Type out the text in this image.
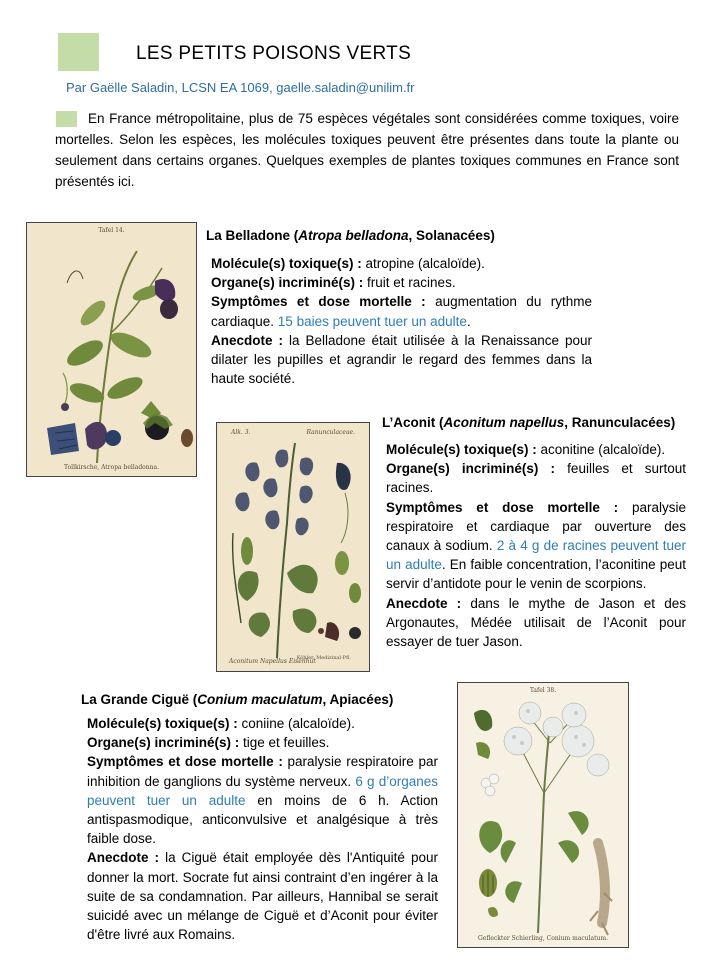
LES PETITS POISONS VERTS
Par Gaëlle Saladin, LCSN EA 1069, gaelle.saladin@unilim.fr
En France métropolitaine, plus de 75 espèces végétales sont considérées comme toxiques, voire mortelles. Selon les espèces, les molécules toxiques peuvent être présentes dans toute la plante ou seulement dans certains organes. Quelques exemples de plantes toxiques communes en France sont présentés ici.
Tafel 14.
Tollkirsche, Atropa belladonna.
La Belladone (Atropa belladona, Solanacées)

Molécule(s) toxique(s) : atropine (alcaloïde).

Organe(s) incriminé(s) : fruit et racines.

Symptômes et dose mortelle : augmentation du rythme cardiaque. 15 baies peuvent tuer un adulte.

Anecdote : la Belladone était utilisée à la Renaissance pour dilater les pupilles et agrandir le regard des femmes dans la haute société.

Alk. 3.	Ranunculaceae.
Aconitum Napellus Eisenhut
Köhler, Medizinal-Pfl.
L’Aconit (Aconitum napellus, Ranunculacées)

Molécule(s) toxique(s) : aconitine (alcaloïde).

Organe(s) incriminé(s) : feuilles et surtout racines.

Symptômes et dose mortelle : paralysie respiratoire et cardiaque par ouverture des canaux à sodium. 2 à 4 g de racines peuvent tuer un adulte. En faible concentration, l’aconitine peut servir d’antidote pour le venin de scorpions.

Anecdote : dans le mythe de Jason et des Argonautes, Médée utilisait de l’Aconit pour essayer de tuer Jason.

La Grande Ciguë (Conium maculatum, Apiacées)

Molécule(s) toxique(s) : coniine (alcaloïde).

Organe(s) incriminé(s) : tige et feuilles.

Symptômes et dose mortelle : paralysie respiratoire par inhibition de ganglions du système nerveux. 6 g d’organes peuvent tuer un adulte en moins de 6 h. Action antispasmodique, anticonvulsive et analgésique à très faible dose.

Anecdote : la Ciguë était employée dès l'Antiquité pour donner la mort. Socrate fut ainsi contraint d’en ingérer à la suite de sa condamnation. Par ailleurs, Hannibal se serait suicidé avec un mélange de Ciguë et d’Aconit pour éviter d'être livré aux Romains.

Tafel 38.
Gefleckter Schierling, Conium maculatum.
